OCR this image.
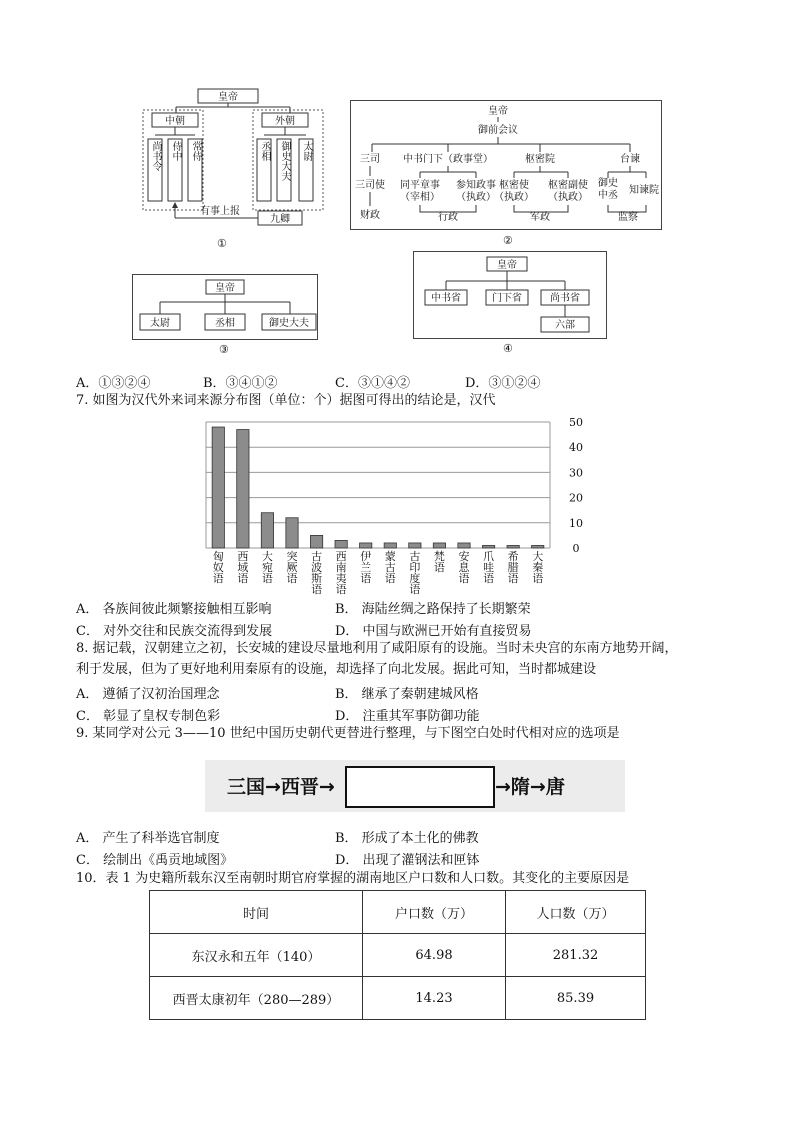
皇帝
中朝	外朝
尚书令 侍中 常侍	丞相 御史大夫 太尉
九卿
有事上报
①
皇帝
御前会议
三司 中书门下（政事堂）	枢密院	台谏
三司使
财政
同平章事
（宰相）
参知政事
（执政）
行政
枢密使
（执政）
枢密副使
（执政）
军政
御史中丞 知谏院
监察
②
皇帝
太尉	丞相	御史大夫
③
皇帝
中书省	门下省	尚书省
六部
④
A．①③②④	B．③④①②	C．③①④②	D．③①②④
7. 如图为汉代外来词来源分布图（单位：个）据图可得出的结论是，汉代
0
10
20
30
40
50
匈
奴
语
西
域
语
大
宛
语
突
厥
语
古
波
斯
语
西
南
夷
语
伊
兰
语
蒙
古
语
古
印
度
语
梵
语
安
息
语
爪
哇
语
希
腊
语
大
秦
语
A． 各族间彼此频繁接触相互影响	B． 海陆丝绸之路保持了长期繁荣
C． 对外交往和民族交流得到发展	D． 中国与欧洲已开始有直接贸易
8. 据记载，汉朝建立之初，长安城的建设尽量地利用了咸阳原有的设施。当时未央宫的东南方地势开阔，
利于发展，但为了更好地利用秦原有的设施，却选择了向北发展。据此可知，当时都城建设
A． 遵循了汉初治国理念	B． 继承了秦朝建城风格
C． 彰显了皇权专制色彩	D． 注重其军事防御功能
9. 某同学对公元 3——10 世纪中国历史朝代更替进行整理，与下图空白处时代相对应的选项是
三国→西晋→	→隋→唐
A． 产生了科举选官制度	B． 形成了本土化的佛教
C． 绘制出《禹贡地域图》	D． 出现了灌钢法和匣钵
10．表 1 为史籍所载东汉至南朝时期官府掌握的湖南地区户口数和人口数。其变化的主要原因是
时间	户口数（万）	人口数（万）
东汉永和五年（140）	64.98	281.32
西晋太康初年（280—289）	14.23	85.39
